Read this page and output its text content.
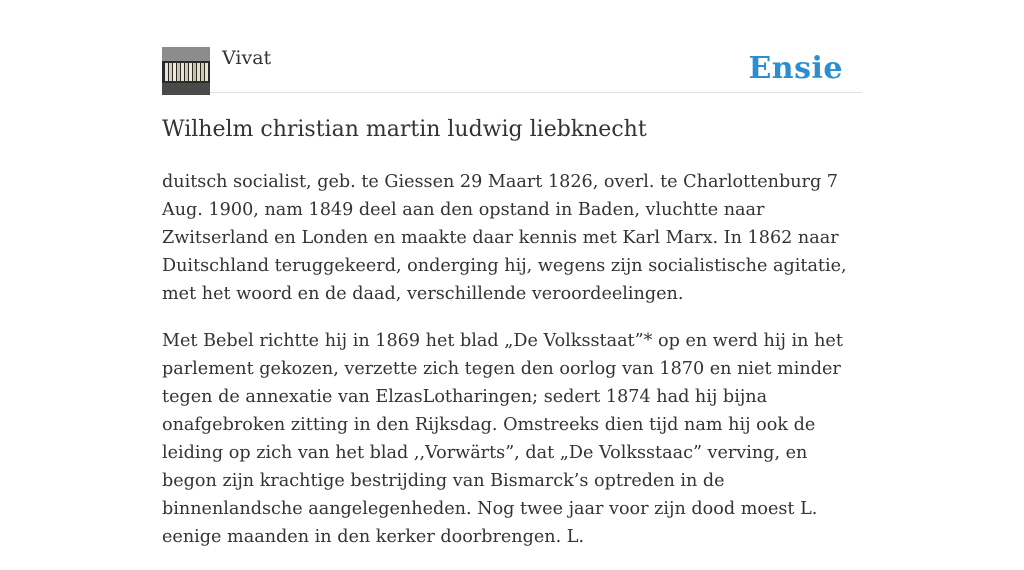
Vivat	Ensie
Wilhelm christian martin ludwig liebknecht

duitsch socialist, geb. te Giessen 29 Maart 1826, overl. te Charlottenburg 7 Aug. 1900, nam 1849 deel aan den opstand in Baden, vluchtte naar Zwitserland en Londen en maakte daar kennis met Karl Marx. In 1862 naar Duitschland teruggekeerd, onderging hij, wegens zijn socialistische agitatie, met het woord en de daad, verschillende veroordeelingen.

Met Bebel richtte hij in 1869 het blad „De Volksstaat”* op en werd hij in het parlement gekozen, verzette zich tegen den oorlog van 1870 en niet minder tegen de annexatie van ElzasLotharingen; sedert 1874 had hij bijna onafgebroken zitting in den Rijksdag. Omstreeks dien tijd nam hij ook de leiding op zich van het blad ,,Vorwärts”, dat „De Volksstaac” verving, en begon zijn krachtige bestrijding van Bismarck’s optreden in de binnenlandsche aangelegenheden. Nog twee jaar voor zijn dood moest L. eenige maanden in den kerker doorbrengen. L.
